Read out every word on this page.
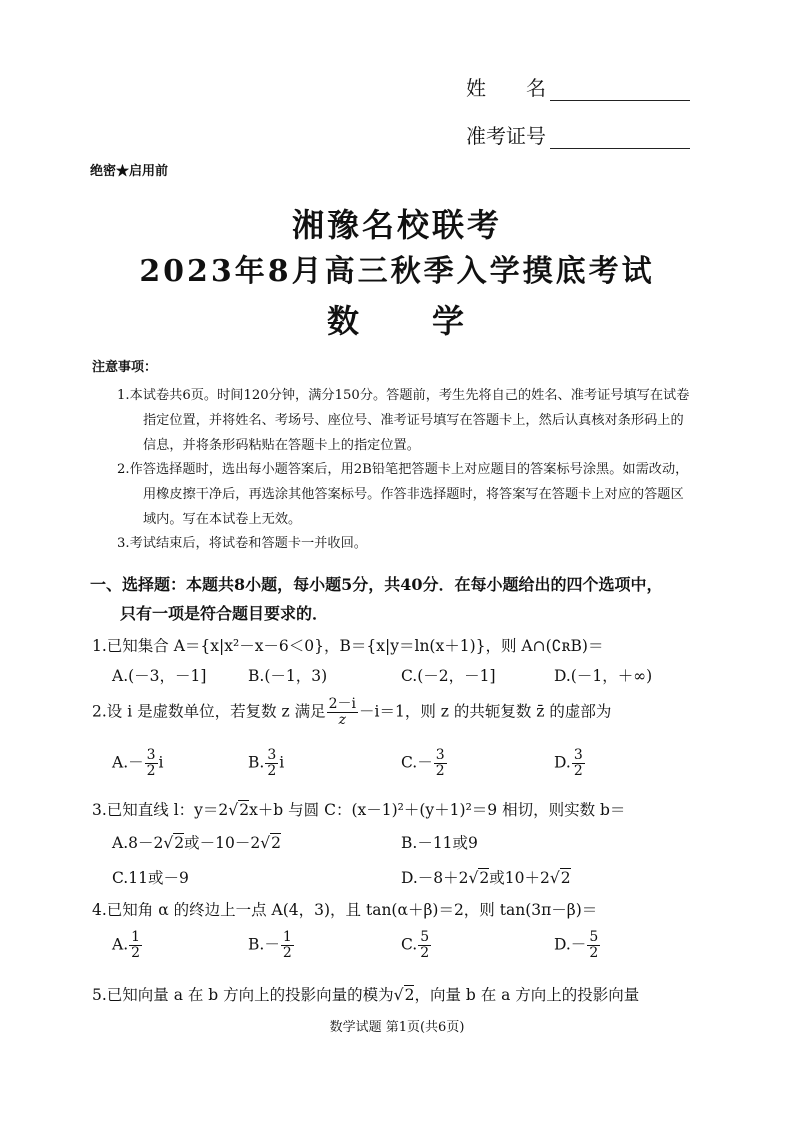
姓　　名
准考证号
绝密★启用前
湘豫名校联考
2023年8月高三秋季入学摸底考试
数　　学
注意事项：
1.本试卷共6页。时间120分钟，满分150分。答题前，考生先将自己的姓名、准考证号填写在试卷指定位置，并将姓名、考场号、座位号、准考证号填写在答题卡上，然后认真核对条形码上的信息，并将条形码粘贴在答题卡上的指定位置。
2.作答选择题时，选出每小题答案后，用2B铅笔把答题卡上对应题目的答案标号涂黑。如需改动，用橡皮擦干净后，再选涂其他答案标号。作答非选择题时，将答案写在答题卡上对应的答题区域内。写在本试卷上无效。
3.考试结束后，将试卷和答题卡一并收回。
一、选择题：本题共8小题，每小题5分，共40分．在每小题给出的四个选项中，
只有一项是符合题目要求的．
1.已知集合 A＝{x|x²－x－6＜0}，B＝{x|y＝ln(x＋1)}，则 A∩(∁ʀB)＝
A.(－3，－1]	B.(－1，3)	C.(－2，－1]	D.(－1，＋∞)
2.设 i 是虚数单位，若复数 z 满足 $\frac{2-i}{z} -i=1$，则 z 的共轭复数 z̄ 的虚部为
$A.- \frac{3}{2}$ i	B. $\frac{3}{2}$ i	$C.- \frac{3}{2}$	D. $\frac{3}{2}$
3.已知直线 l：y＝2√2x＋b 与圆 C：(x－1)²＋(y＋1)²＝9 相切，则实数 b＝
A.8－2√2或－10－2√2	B.－11或9
C.11或－9	D.－8＋2√2或10＋2√2
4.已知角 α 的终边上一点 A(4，3)，且 tan(α＋β)＝2，则 tan(3π－β)＝
A. $\frac{1}{2}$	$B.- \frac{1}{2}$	C. $\frac{5}{2}$	$D.- \frac{5}{2}$
5.已知向量 a 在 b 方向上的投影向量的模为√2，向量 b 在 a 方向上的投影向量
数学试题 第1页(共6页)
